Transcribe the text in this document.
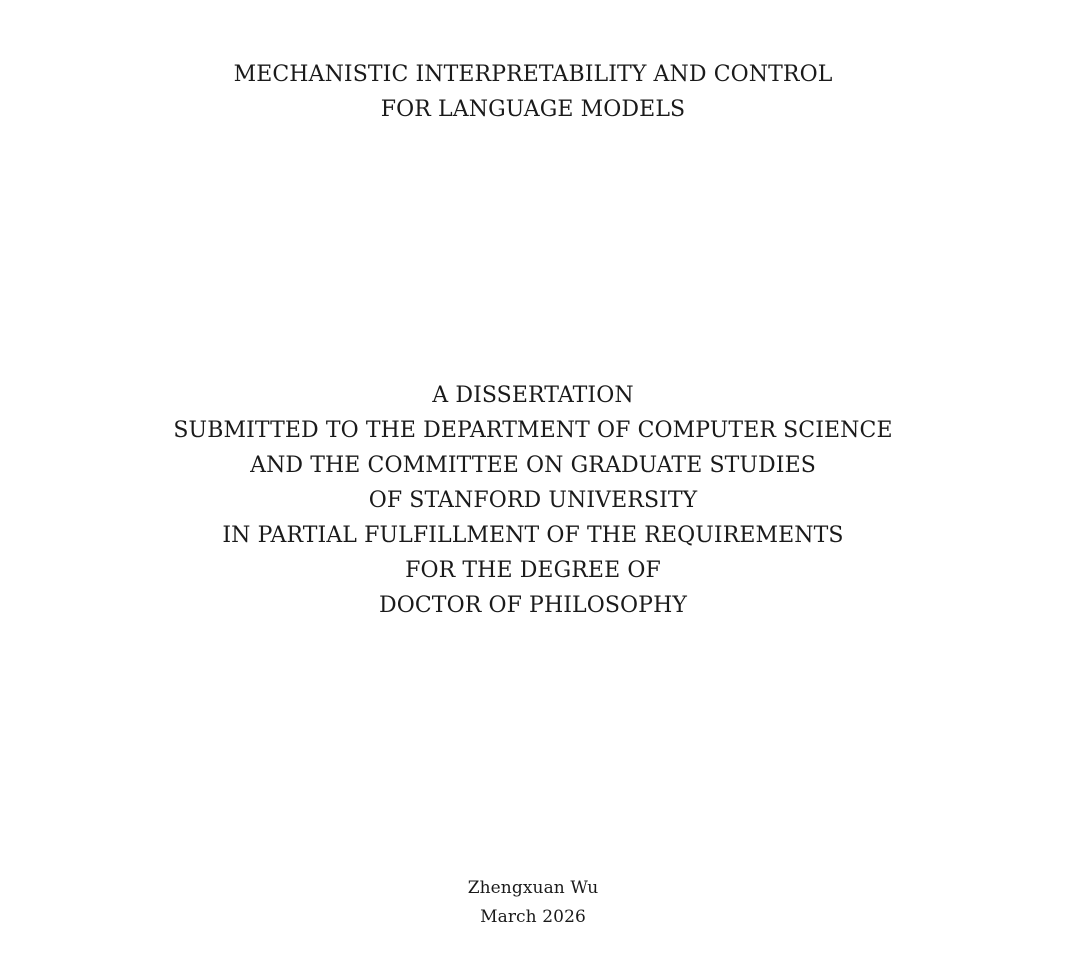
MECHANISTIC INTERPRETABILITY AND CONTROL
FOR LANGUAGE MODELS
A DISSERTATION
SUBMITTED TO THE DEPARTMENT OF COMPUTER SCIENCE
AND THE COMMITTEE ON GRADUATE STUDIES
OF STANFORD UNIVERSITY
IN PARTIAL FULFILLMENT OF THE REQUIREMENTS
FOR THE DEGREE OF
DOCTOR OF PHILOSOPHY
Zhengxuan Wu
March 2026
